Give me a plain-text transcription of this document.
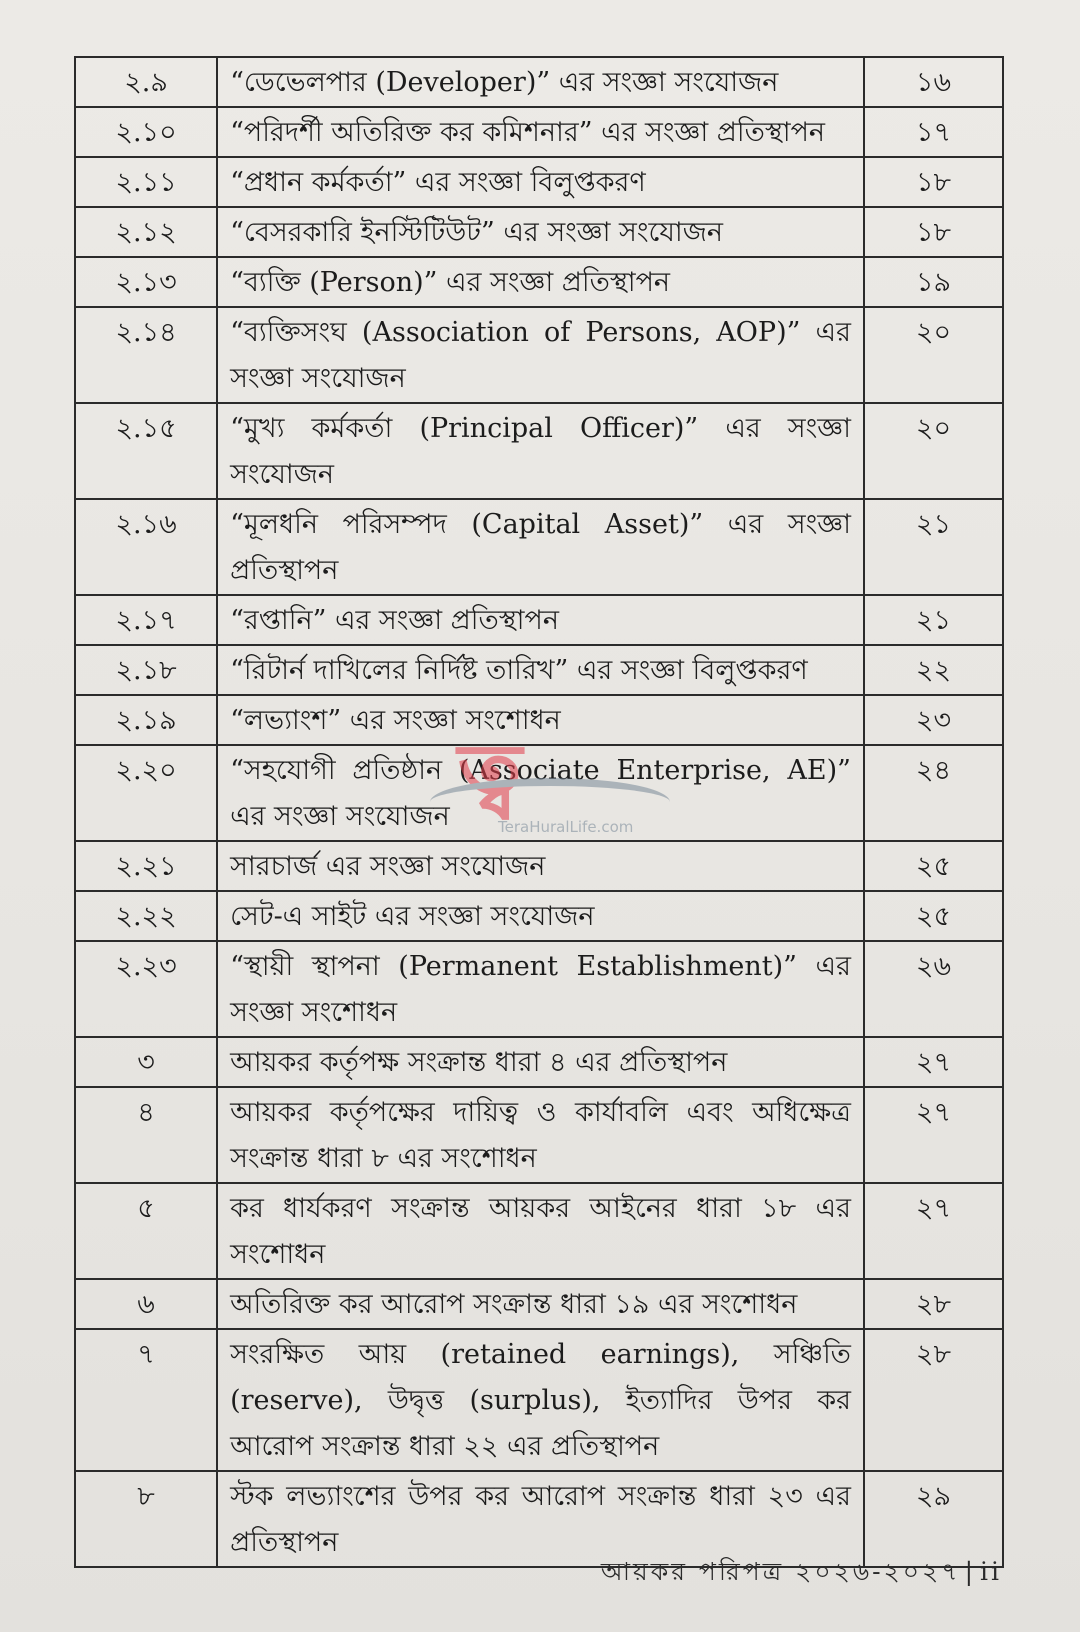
২.৯	“ডেভেলপার (Developer)” এর সংজ্ঞা সংযোজন	১৬
২.১০	“পরিদর্শী অতিরিক্ত কর কমিশনার” এর সংজ্ঞা প্রতিস্থাপন	১৭
২.১১	“প্রধান কর্মকর্তা” এর সংজ্ঞা বিলুপ্তকরণ	১৮
২.১২	“বেসরকারি ইনস্টিটিউট” এর সংজ্ঞা সংযোজন	১৮
২.১৩	“ব্যক্তি (Person)” এর সংজ্ঞা প্রতিস্থাপন	১৯
২.১৪	“ব্যক্তিসংঘ (Association of Persons, AOP)” এর সংজ্ঞা সংযোজন	২০
২.১৫	“মুখ্য কর্মকর্তা (Principal Officer)” এর সংজ্ঞা সংযোজন	২০
২.১৬	“মূলধনি পরিসম্পদ (Capital Asset)” এর সংজ্ঞা প্রতিস্থাপন	২১
২.১৭	“রপ্তানি” এর সংজ্ঞা প্রতিস্থাপন	২১
২.১৮	“রিটার্ন দাখিলের নির্দিষ্ট তারিখ” এর সংজ্ঞা বিলুপ্তকরণ	২২
২.১৯	“লভ্যাংশ” এর সংজ্ঞা সংশোধন	২৩
২.২০	“সহযোগী প্রতিষ্ঠান (Associate Enterprise, AE)” এর সংজ্ঞা সংযোজন	২৪
২.২১	সারচার্জ এর সংজ্ঞা সংযোজন	২৫
২.২২	সেট-এ সাইট এর সংজ্ঞা সংযোজন	২৫
২.২৩	“স্থায়ী স্থাপনা (Permanent Establishment)” এর সংজ্ঞা সংশোধন	২৬
৩	আয়কর কর্তৃপক্ষ সংক্রান্ত ধারা ৪ এর প্রতিস্থাপন	২৭
৪	আয়কর কর্তৃপক্ষের দায়িত্ব ও কার্যাবলি এবং অধিক্ষেত্র সংক্রান্ত ধারা ৮ এর সংশোধন	২৭
৫	কর ধার্যকরণ সংক্রান্ত আয়কর আইনের ধারা ১৮ এর সংশোধন	২৭
৬	অতিরিক্ত কর আরোপ সংক্রান্ত ধারা ১৯ এর সংশোধন	২৮
৭	সংরক্ষিত আয় (retained earnings), সঞ্চিতি (reserve), উদ্বৃত্ত (surplus), ইত্যাদির উপর কর আরোপ সংক্রান্ত ধারা ২২ এর প্রতিস্থাপন	২৮
৮	স্টক লভ্যাংশের উপর কর আরোপ সংক্রান্ত ধারা ২৩ এর প্রতিস্থাপন	২৯
ত্ব
TeraHuralLife.com
আয়কর পরিপত্র ২০২৬-২০২৭ | ii
